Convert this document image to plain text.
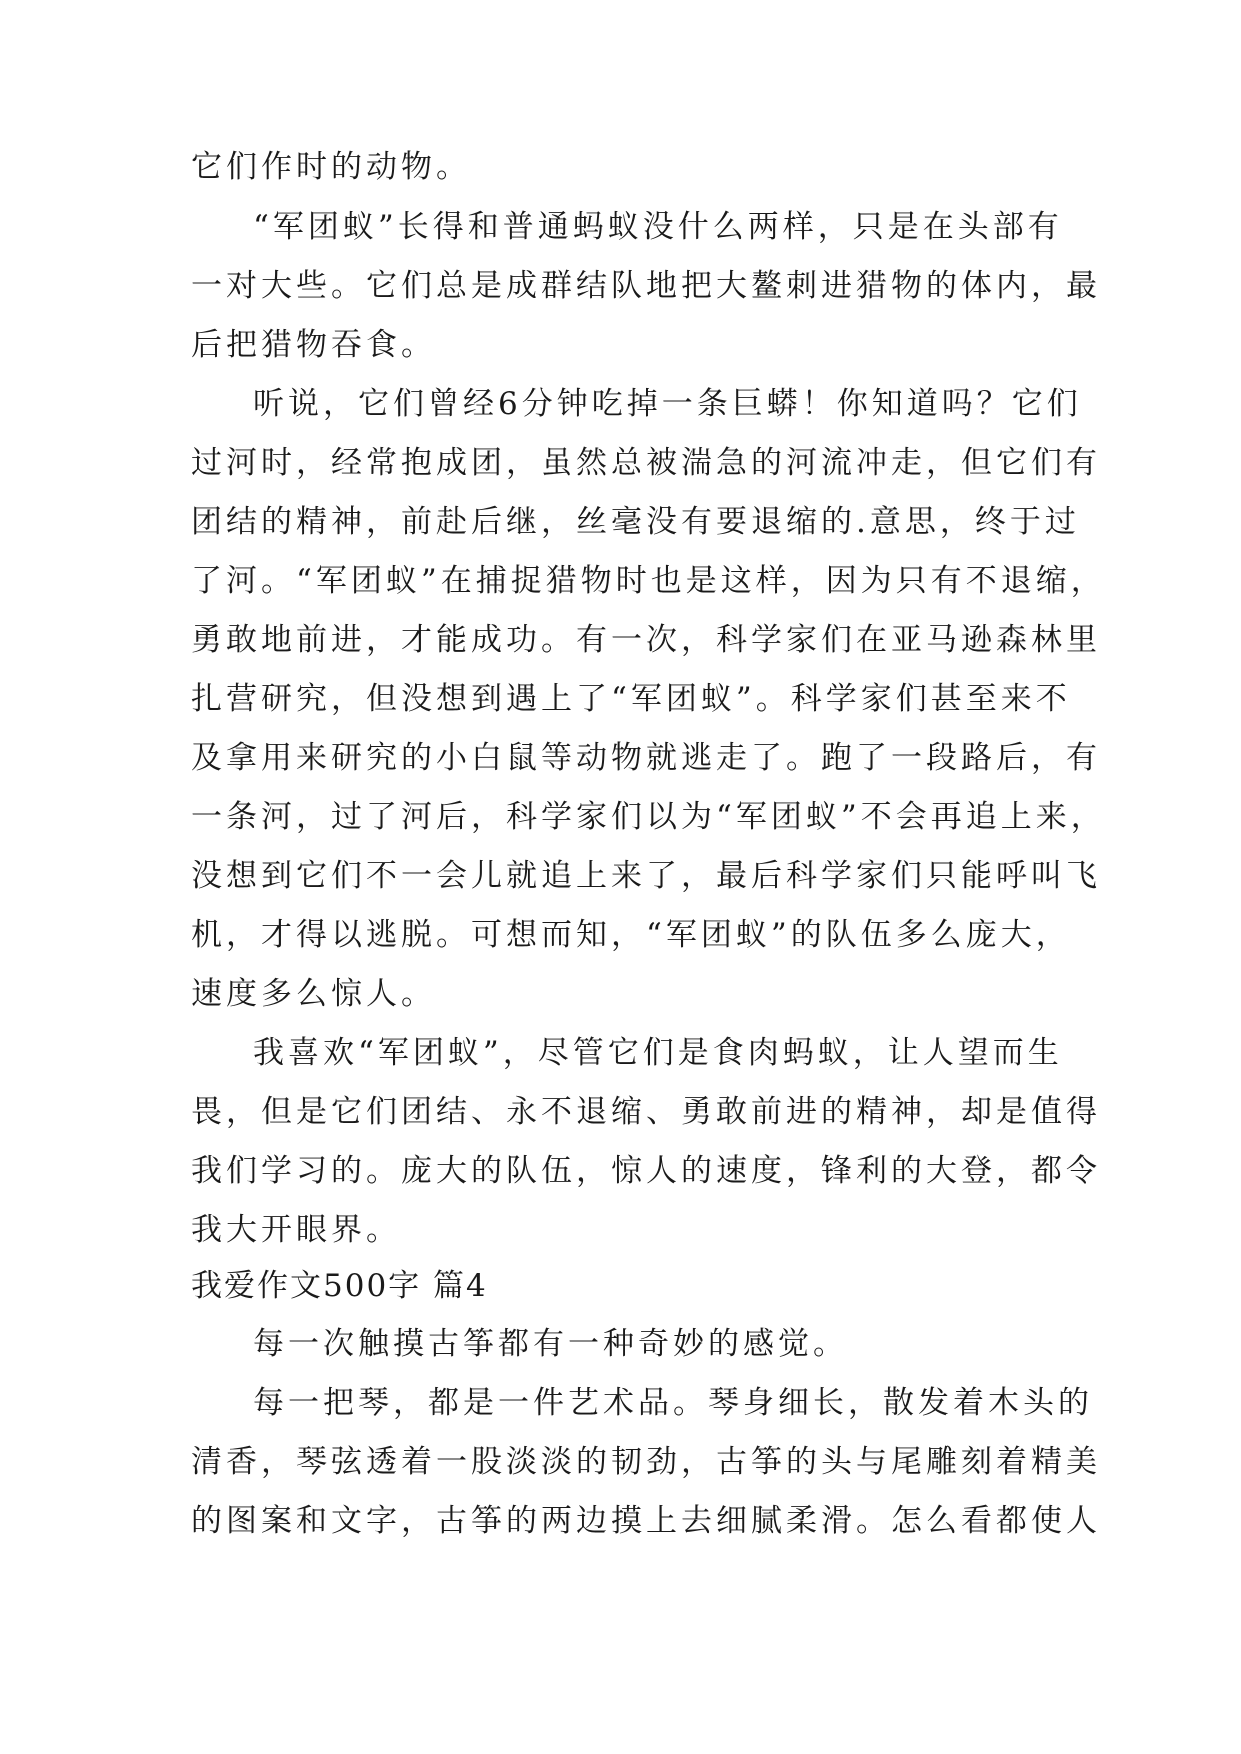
它们作时的动物。
“军团蚁”长得和普通蚂蚁没什么两样，只是在头部有
一对大些。它们总是成群结队地把大鳌刺进猎物的体内，最
后把猎物吞食。
听说，它们曾经6分钟吃掉一条巨蟒！你知道吗？它们
过河时，经常抱成团，虽然总被湍急的河流冲走，但它们有
团结的精神，前赴后继，丝毫没有要退缩的.意思，终于过
了河。“军团蚁”在捕捉猎物时也是这样，因为只有不退缩，
勇敢地前进，才能成功。有一次，科学家们在亚马逊森林里
扎营研究，但没想到遇上了“军团蚁”。科学家们甚至来不
及拿用来研究的小白鼠等动物就逃走了。跑了一段路后，有
一条河，过了河后，科学家们以为“军团蚁”不会再追上来，
没想到它们不一会儿就追上来了，最后科学家们只能呼叫飞
机，才得以逃脱。可想而知，“军团蚁”的队伍多么庞大，
速度多么惊人。
我喜欢“军团蚁”，尽管它们是食肉蚂蚁，让人望而生
畏，但是它们团结、永不退缩、勇敢前进的精神，却是值得
我们学习的。庞大的队伍，惊人的速度，锋利的大登，都令
我大开眼界。
我爱作文500字 篇4
每一次触摸古筝都有一种奇妙的感觉。
每一把琴，都是一件艺术品。琴身细长，散发着木头的
清香，琴弦透着一股淡淡的韧劲，古筝的头与尾雕刻着精美
的图案和文字，古筝的两边摸上去细腻柔滑。怎么看都使人
